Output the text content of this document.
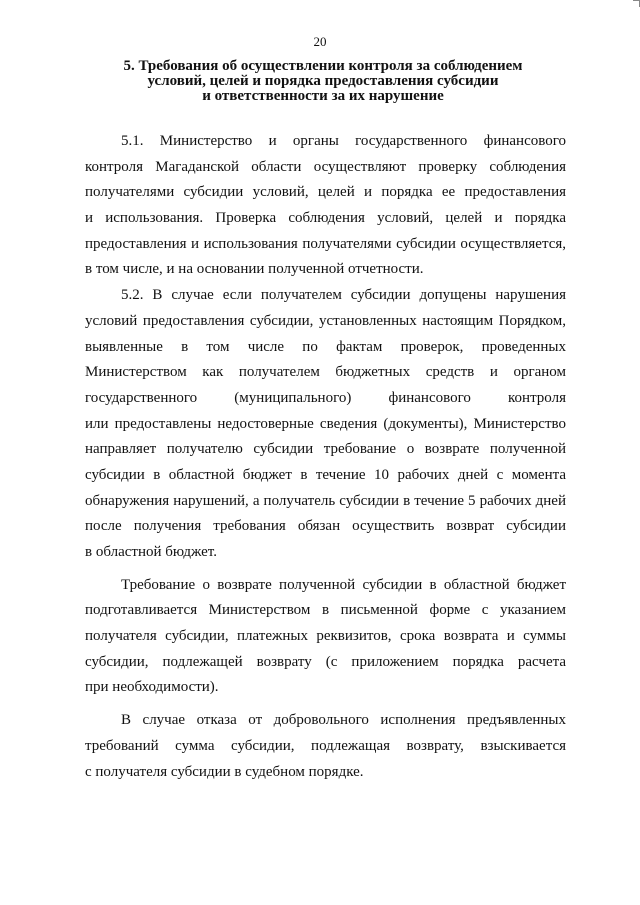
20
5. Требования об осуществлении контроля за соблюдением
условий, целей и порядка предоставления субсидии
и ответственности за их нарушение
5.1. Министерство и органы государственного финансового
контроля Магаданской области осуществляют проверку соблюдения
получателями субсидии условий, целей и порядка ее предоставления
и использования. Проверка соблюдения условий, целей и порядка
предоставления и использования получателями субсидии осуществляется,
в том числе, и на основании полученной отчетности.
5.2. В случае если получателем субсидии допущены нарушения
условий предоставления субсидии, установленных настоящим Порядком,
выявленные в том числе по фактам проверок, проведенных
Министерством как получателем бюджетных средств и органом
государственного (муниципального) финансового контроля
или предоставлены недостоверные сведения (документы), Министерство
направляет получателю субсидии требование о возврате полученной
субсидии в областной бюджет в течение 10 рабочих дней с момента
обнаружения нарушений, а получатель субсидии в течение 5 рабочих дней
после получения требования обязан осуществить возврат субсидии
в областной бюджет.
Требование о возврате полученной субсидии в областной бюджет
подготавливается Министерством в письменной форме с указанием
получателя субсидии, платежных реквизитов, срока возврата и суммы
субсидии, подлежащей возврату (с приложением порядка расчета
при необходимости).
В случае отказа от добровольного исполнения предъявленных
требований сумма субсидии, подлежащая возврату, взыскивается
с получателя субсидии в судебном порядке.
